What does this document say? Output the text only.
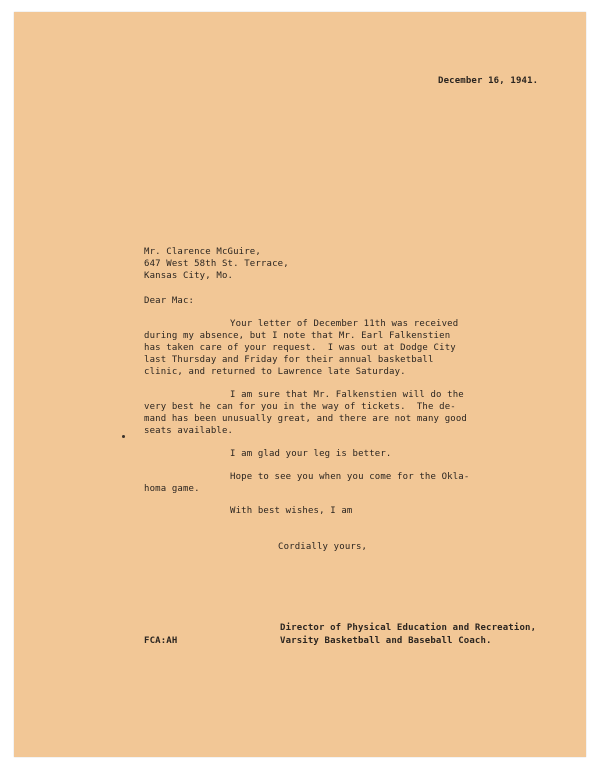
December 16, 1941.
Mr. Clarence McGuire,
647 West 58th St. Terrace,
Kansas City, Mo.
Dear Mac:
Your letter of December 11th was received
during my absence, but I note that Mr. Earl Falkenstien
has taken care of your request.  I was out at Dodge City
last Thursday and Friday for their annual basketball
clinic, and returned to Lawrence late Saturday.
I am sure that Mr. Falkenstien will do the
very best he can for you in the way of tickets.  The de-
mand has been unusually great, and there are not many good
seats available.
I am glad your leg is better.
Hope to see you when you come for the Okla-
homa game.
With best wishes, I am
Cordially yours,
Director of Physical Education and Recreation,
Varsity Basketball and Baseball Coach.
FCA:AH
